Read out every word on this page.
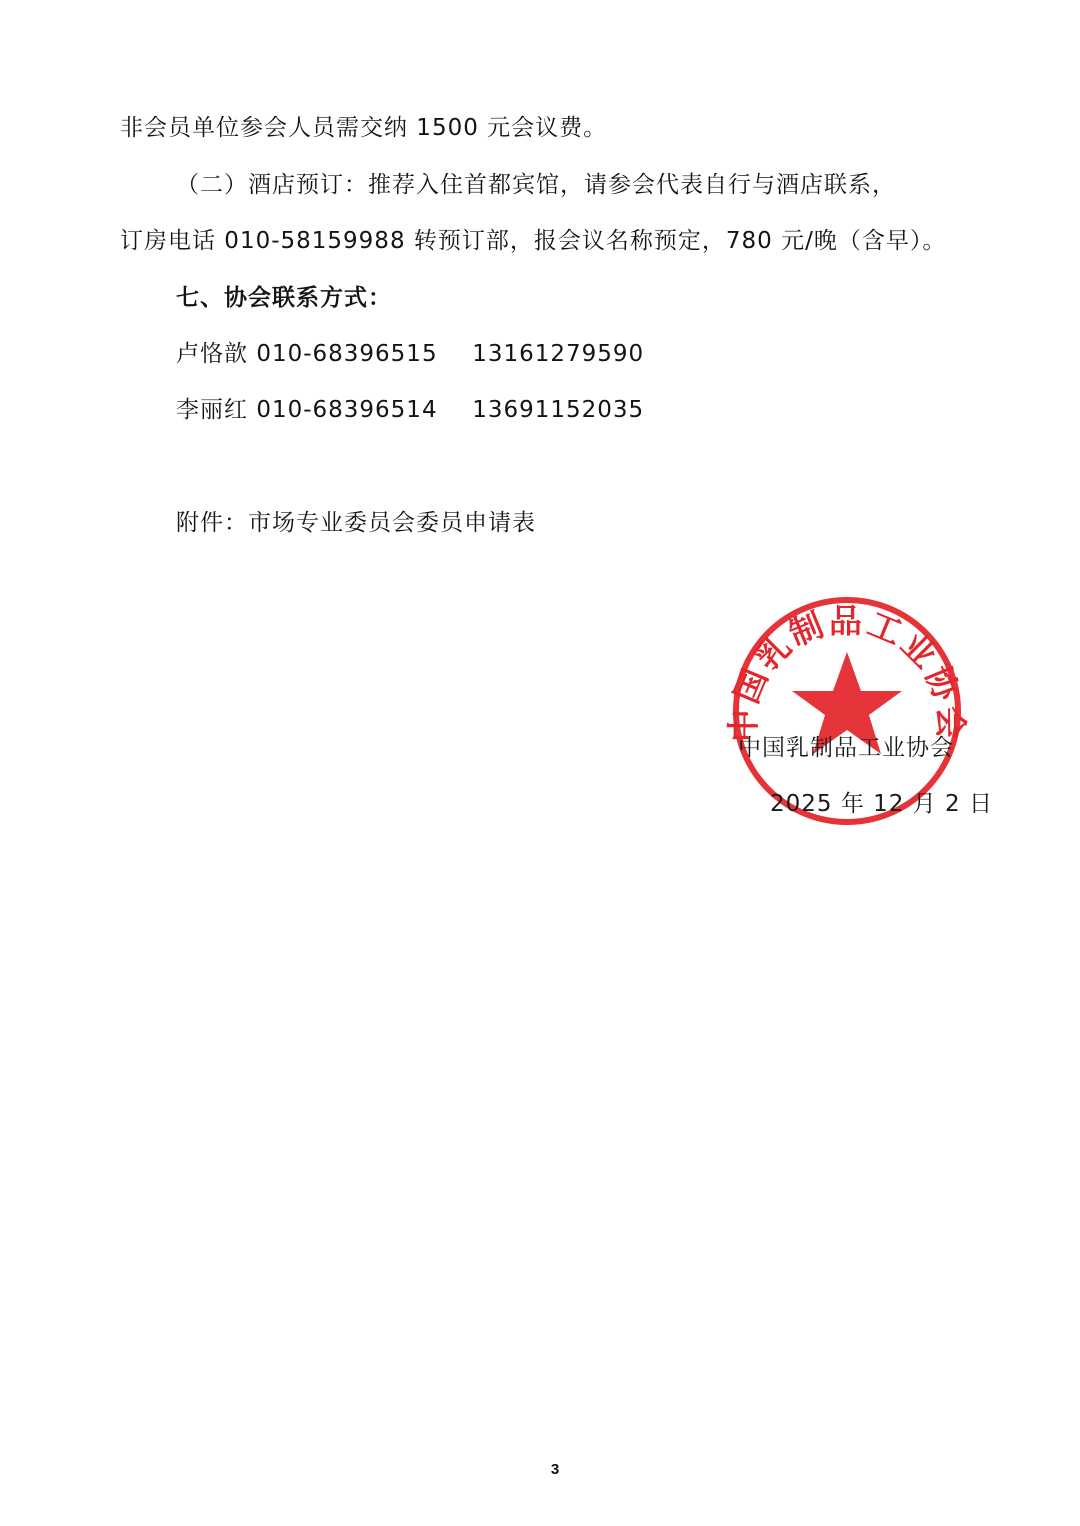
非会员单位参会人员需交纳 1500 元会议费。
（二）酒店预订：推荐入住首都宾馆，请参会代表自行与酒店联系，
订房电话 010-58159988 转预订部，报会议名称预定，780 元/晚（含早）。
七、协会联系方式：
卢恪歆 010-68396515 13161279590
李丽红 010-68396514 13691152035
附件：市场专业委员会委员申请表
中国乳制品工业协会
中国乳制品工业协会
2025 年 12 月 2 日
3
